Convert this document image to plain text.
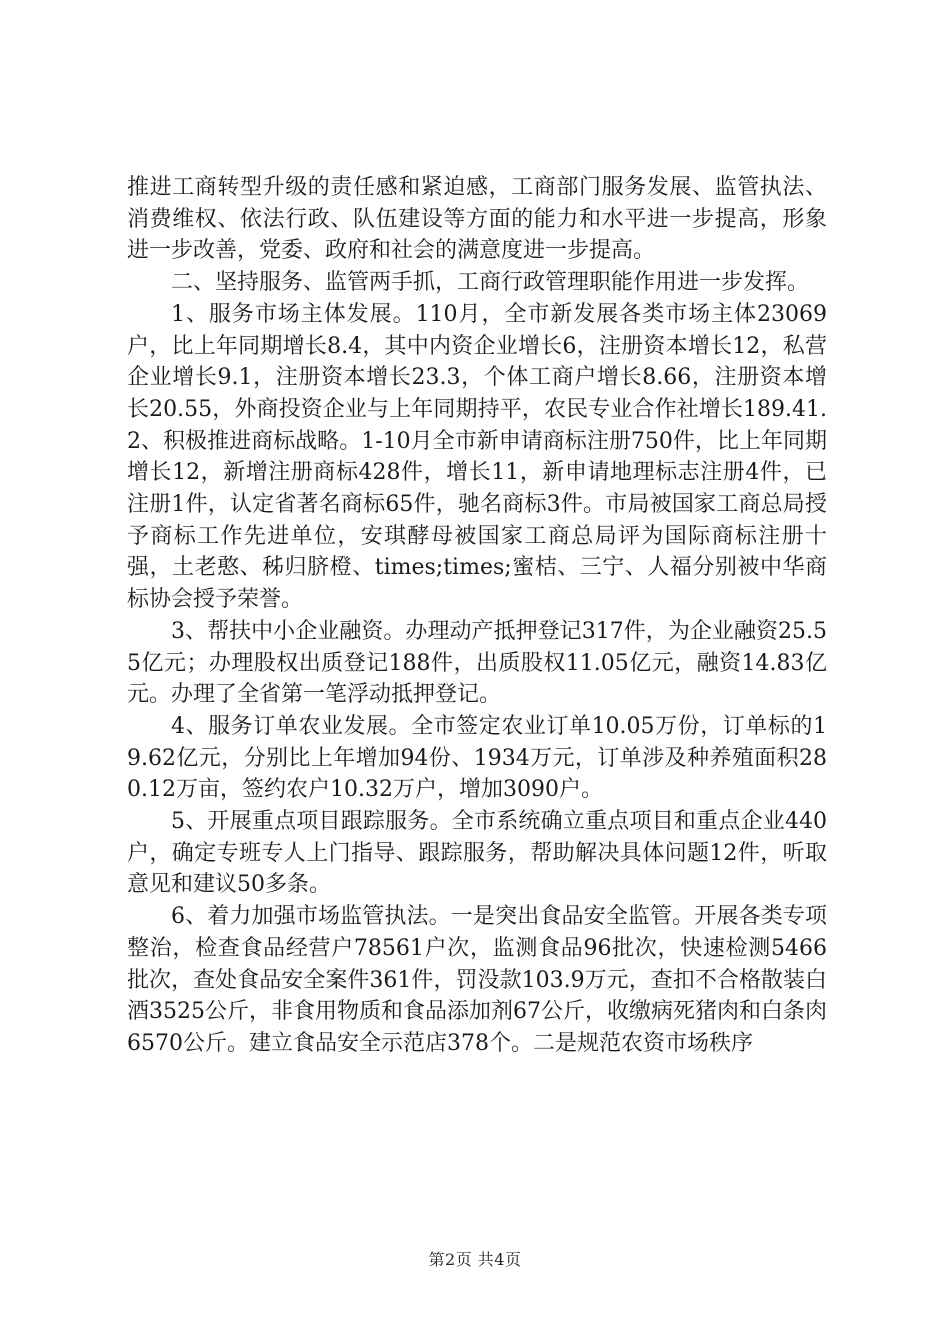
推进工商转型升级的责任感和紧迫感，工商部门服务发展、监管执法、消费维权、依法行政、队伍建设等方面的能力和水平进一步提高，形象进一步改善，党委、政府和社会的满意度进一步提高。

二、坚持服务、监管两手抓，工商行政管理职能作用进一步发挥。

1、服务市场主体发展。110月，全市新发展各类市场主体23069户，比上年同期增长8.4，其中内资企业增长6，注册资本增长12，私营企业增长9.1，注册资本增长23.3，个体工商户增长8.66，注册资本增长20.55，外商投资企业与上年同期持平，农民专业合作社增长189.41.2、积极推进商标战略。1-10月全市新申请商标注册750件，比上年同期增长12，新增注册商标428件，增长11，新申请地理标志注册4件，已注册1件，认定省著名商标65件，驰名商标3件。市局被国家工商总局授予商标工作先进单位，安琪酵母被国家工商总局评为国际商标注册十强，土老憨、秭归脐橙、times;times;蜜桔、三宁、人福分别被中华商标协会授予荣誉。

3、帮扶中小企业融资。办理动产抵押登记317件，为企业融资25.55亿元；办理股权出质登记188件，出质股权11.05亿元，融资14.83亿元。办理了全省第一笔浮动抵押登记。

4、服务订单农业发展。全市签定农业订单10.05万份，订单标的19.62亿元，分别比上年增加94份、1934万元，订单涉及种养殖面积280.12万亩，签约农户10.32万户，增加3090户。

5、开展重点项目跟踪服务。全市系统确立重点项目和重点企业440户，确定专班专人上门指导、跟踪服务，帮助解决具体问题12件，听取意见和建议50多条。

6、着力加强市场监管执法。一是突出食品安全监管。开展各类专项整治，检查食品经营户78561户次，监测食品96批次，快速检测5466批次，查处食品安全案件361件，罚没款103.9万元，查扣不合格散装白酒3525公斤，非食用物质和食品添加剂67公斤，收缴病死猪肉和白条肉6570公斤。建立食品安全示范店378个。二是规范农资市场秩序

第2页 共4页
